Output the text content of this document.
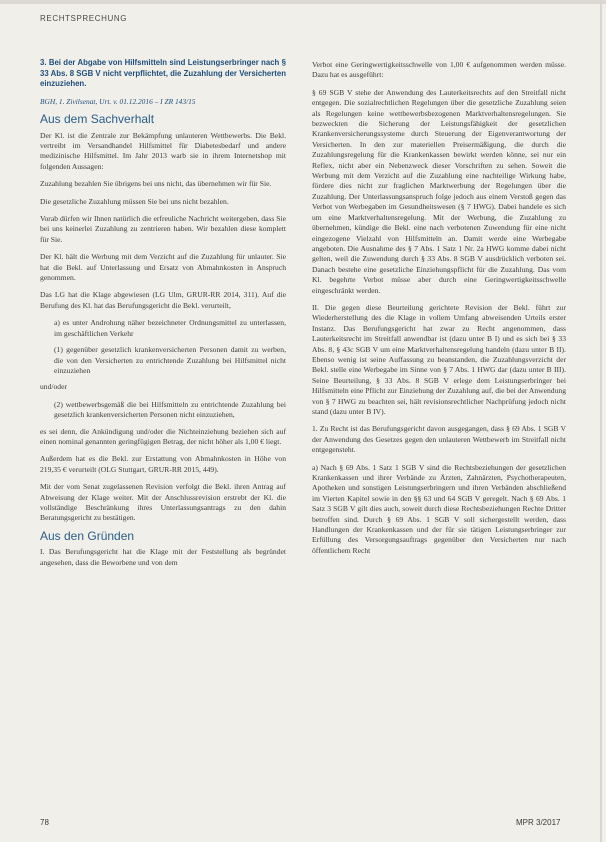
RECHTSPRECHUNG

3. Bei der Abgabe von Hilfsmitteln sind Leistungserbringer nach § 33 Abs. 8 SGB V nicht verpflichtet, die Zuzahlung der Versicherten einzuziehen.

BGH, 1. Zivilsenat, Urt. v. 01.12.2016 – I ZR 143/15

Aus dem Sachverhalt

Der Kl. ist die Zentrale zur Bekämpfung unlauteren Wettbewerbs. Die Bekl. vertreibt im Versandhandel Hilfsmittel für Diabetesbedarf und andere medizinische Hilfsmittel. Im Jahr 2013 warb sie in ihrem Internetshop mit folgenden Aussagen:

Zuzahlung bezahlen Sie übrigens bei uns nicht, das übernehmen wir für Sie.

Die gesetzliche Zuzahlung müssen Sie bei uns nicht bezahlen.

Vorab dürfen wir Ihnen natürlich die erfreuliche Nachricht weitergeben, dass Sie bei uns keinerlei Zuzahlung zu zentrieren haben. Wir bezahlen diese komplett für Sie.

Der Kl. hält die Werbung mit dem Verzicht auf die Zuzahlung für unlauter. Sie hat die Bekl. auf Unterlassung und Ersatz von Abmahnkosten in Anspruch genommen.

Das LG hat die Klage abgewiesen (LG Ulm, GRUR-RR 2014, 311). Auf die Berufung des Kl. hat das Berufungsgericht die Bekl. verurteilt,

a) es unter Androhung näher bezeichneter Ordnungsmittel zu unterlassen, im geschäftlichen Verkehr

(1) gegenüber gesetzlich krankenversicherten Personen damit zu werben, die von den Versicherten zu entrichtende Zuzahlung bei Hilfsmittel nicht einzuziehen

und/oder

(2) wettbewerbsgemäß die bei Hilfsmitteln zu entrichtende Zuzahlung bei gesetzlich krankenversicherten Personen nicht einzuziehen,

es sei denn, die Ankündigung und/oder die Nichteinziehung beziehen sich auf einen nominal genannten geringfügigen Betrag, der nicht höher als 1,00 € liegt.

Außerdem hat es die Bekl. zur Erstattung von Abmahnkosten in Höhe von 219,35 € verurteilt (OLG Stuttgart, GRUR-RR 2015, 449).

Mit der vom Senat zugelassenen Revision verfolgt die Bekl. ihren Antrag auf Abweisung der Klage weiter. Mit der Anschlussrevision erstrebt der Kl. die vollständige Beschränkung ihres Unterlassungsantrags zu den dahin Beratungsgericht zu bestätigen.

Aus den Gründen

I. Das Berufungsgericht hat die Klage mit der Feststellung als begründet angesehen, dass die Beworbene und von dem

Verbot eine Geringwertigkeitsschwelle von 1,00 € aufgenommen werden müsse. Dazu hat es ausgeführt:

§ 69 SGB V stehe der Anwendung des Lauterkeitsrechts auf den Streitfall nicht entgegen. Die sozialrechtlichen Regelungen über die gesetzliche Zuzahlung seien als Regelungen keine wettbewerbsbezogenen Marktverhaltensregelungen. Sie bezweckten die Sicherung der Leistungsfähigkeit der gesetzlichen Krankenversicherungssysteme durch Steuerung der Eigenverantwortung der Versicherten. In den zur materiellen Preisermäßigung, die durch die Zuzahlungsregelung für die Krankenkassen bewirkt werden könne, sei nur ein Reflex, nicht aber ein Nebenzweck dieser Vorschriften zu sehen. Soweit die Werbung mit dem Verzicht auf die Zuzahlung eine nachteilige Wirkung habe, fördere dies nicht zur fraglichen Marktwerbung der Regelungen über die Zuzahlung. Der Unterlassungsanspruch folge jedoch aus einem Verstoß gegen das Verbot von Werbegaben im Gesundheitswesen (§ 7 HWG). Dabei handele es sich um eine Marktverhaltensregelung. Mit der Werbung, die Zuzahlung zu übernehmen, kündige die Bekl. eine nach verbotenen Zuwendung für eine nicht eingezogene Vielzahl von Hilfsmitteln an. Damit werde eine Werbegabe angeboten. Die Ausnahme des § 7 Abs. 1 Satz 1 Nr. 2a HWG komme dabei nicht gelten, weil die Zuwendung durch § 33 Abs. 8 SGB V ausdrücklich verboten sei. Danach bestehe eine gesetzliche Einziehungspflicht für die Zuzahlung. Das vom Kl. begehrte Verbot müsse aber durch eine Geringwertigkeitsschwelle eingeschränkt werden.

II. Die gegen diese Beurteilung gerichtete Revision der Bekl. führt zur Wiederherstellung des die Klage in vollem Umfang abweisenden Urteils erster Instanz. Das Berufungsgericht hat zwar zu Recht angenommen, dass Lauterkeitsrecht im Streitfall anwendbar ist (dazu unter B I) und es sich bei § 33 Abs. 8, § 43c SGB V um eine Marktverhaltensregelung handeln (dazu unter B II). Ebenso wenig ist seine Auffassung zu beanstanden, die Zuzahlungsverzicht der Bekl. stelle eine Werbegabe im Sinne von § 7 Abs. 1 HWG dar (dazu unter B III). Seine Beurteilung, § 33 Abs. 8 SGB V erlege dem Leistungserbringer bei Hilfsmitteln eine Pflicht zur Einziehung der Zuzahlung auf, die bei der Anwendung von § 7 HWG zu beachten sei, hält revisionsrechtlicher Nachprüfung jedoch nicht stand (dazu unter B IV).

1. Zu Recht ist das Berufungsgericht davon ausgegangen, dass § 69 Abs. 1 SGB V der Anwendung des Gesetzes gegen den unlauteren Wettbewerb im Streitfall nicht entgegensteht.

a) Nach § 69 Abs. 1 Satz 1 SGB V sind die Rechtsbeziehungen der gesetzlichen Krankenkassen und ihrer Verbände zu Ärzten, Zahnärzten, Psychotherapeuten, Apotheken und sonstigen Leistungserbringern und ihren Verbänden abschließend im Vierten Kapitel sowie in den §§ 63 und 64 SGB V geregelt. Nach § 69 Abs. 1 Satz 3 SGB V gilt dies auch, soweit durch diese Rechtsbeziehungen Rechte Dritter betroffen sind. Durch § 69 Abs. 1 SGB V soll sichergestellt werden, dass Handlungen der Krankenkassen und der für sie tätigen Leistungserbringer zur Erfüllung des Versorgungsauftrags gegenüber den Versicherten nur nach öffentlichem Recht

78	MPR 3/2017
